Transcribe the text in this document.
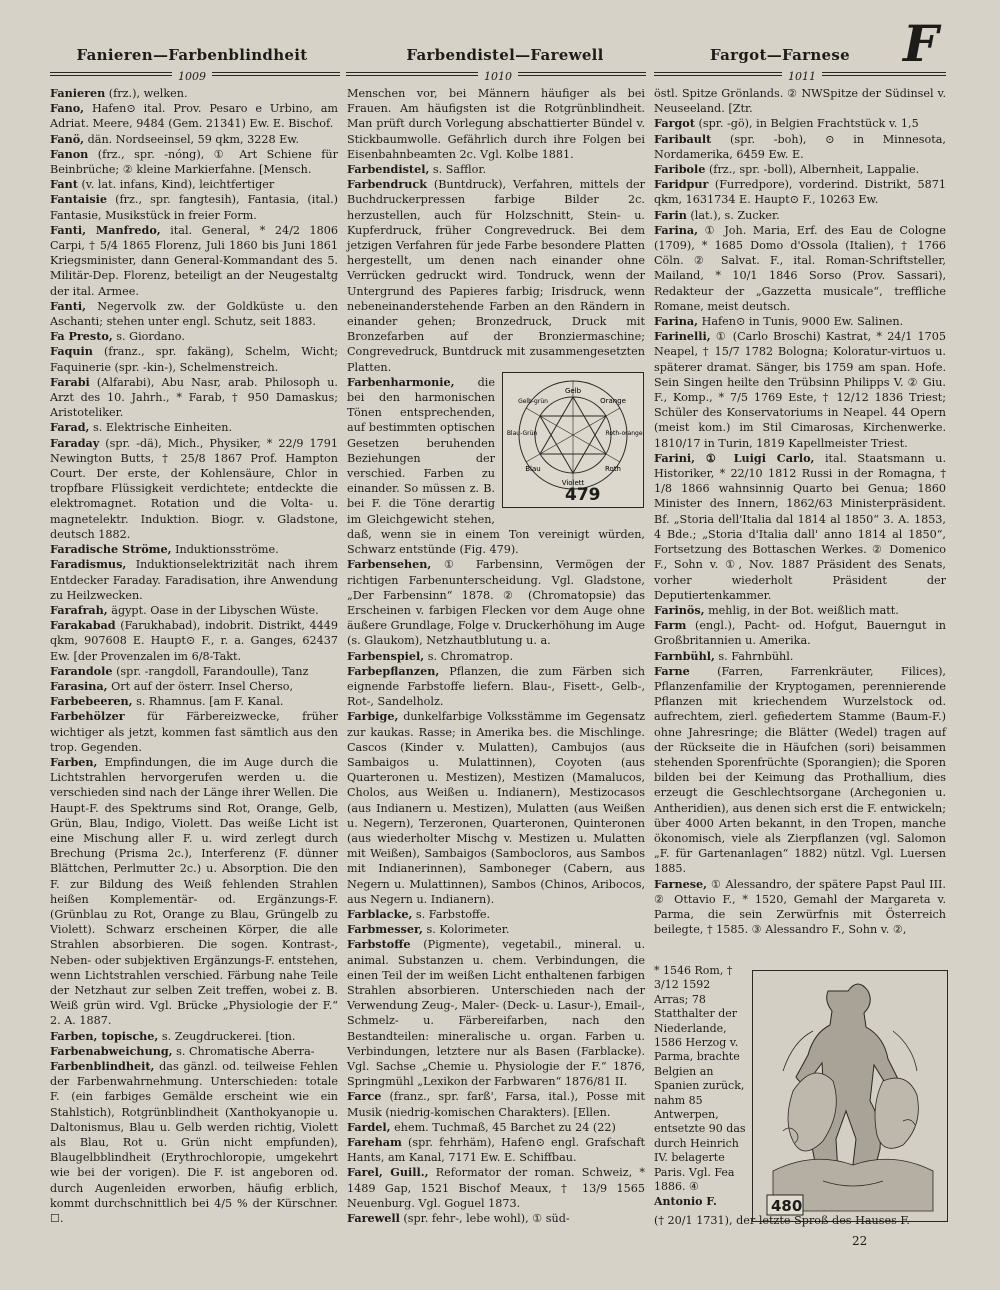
Fanieren—Farbenblindheit	Farbendistel—Farewell	Fargot—Farnese	F
1009	1010	1011

Fanieren (frz.), welken.

Fano, Hafen⊙ ital. Prov. Pesaro e Urbino, am Adriat. Meere, 9484 (Gem. 21341) Ew. E. Bischof.

Fanö, dän. Nordseeinsel, 59 qkm, 3228 Ew.

Fanon (frz., spr. -nóng), ① Art Schiene für Beinbrüche; ② kleine Markierfahne. [Mensch.

Fant (v. lat. infans, Kind), leichtfertiger

Fantaisie (frz., spr. fangtesih), Fantasia, (ital.) Fantasie, Musikstück in freier Form.

Fanti, Manfredo, ital. General, * 24/2 1806 Carpi, † 5/4 1865 Florenz, Juli 1860 bis Juni 1861 Kriegsminister, dann General-Kommandant des 5. Militär-Dep. Florenz, beteiligt an der Neugestaltg der ital. Armee.

Fanti, Negervolk zw. der Goldküste u. den Aschanti; stehen unter engl. Schutz, seit 1883.

Fa Presto, s. Giordano.

Faquin (franz., spr. fakäng), Schelm, Wicht; Faquinerie (spr. -kin-), Schelmenstreich.

Farabi (Alfarabi), Abu Nasr, arab. Philosoph u. Arzt des 10. Jahrh., * Farab, † 950 Damaskus; Aristoteliker.

Farad, s. Elektrische Einheiten.

Faraday (spr. -dä), Mich., Physiker, * 22/9 1791 Newington Butts, † 25/8 1867 Prof. Hampton Court. Der erste, der Kohlensäure, Chlor in tropfbare Flüssigkeit verdichtete; entdeckte die elektromagnet. Rotation und die Volta- u. magnetelektr. Induktion. Biogr. v. Gladstone, deutsch 1882.

Faradische Ströme, Induktionsströme.

Faradismus, Induktionselektrizität nach ihrem Entdecker Faraday. Faradisation, ihre Anwendung zu Heilzwecken.

Farafrah, ägypt. Oase in der Libyschen Wüste.

Farakabad (Farukhabad), indobrit. Distrikt, 4449 qkm, 907608 E. Haupt⊙ F., r. a. Ganges, 62437 Ew. [der Provenzalen im 6/8-Takt.

Farandole (spr. -rangdoll, Farandoulle), Tanz

Farasina, Ort auf der österr. Insel Cherso,

Farbebeeren, s. Rhamnus. [am F. Kanal.

Farbehölzer für Färbereizwecke, früher wichtiger als jetzt, kommen fast sämtlich aus den trop. Gegenden.

Farben, Empfindungen, die im Auge durch die Lichtstrahlen hervorgerufen werden u. die verschieden sind nach der Länge ihrer Wellen. Die Haupt-F. des Spektrums sind Rot, Orange, Gelb, Grün, Blau, Indigo, Violett. Das weiße Licht ist eine Mischung aller F. u. wird zerlegt durch Brechung (Prisma 2c.), Interferenz (F. dünner Blättchen, Perlmutter 2c.) u. Absorption. Die den F. zur Bildung des Weiß fehlenden Strahlen heißen Komplementär- od. Ergänzungs-F. (Grünblau zu Rot, Orange zu Blau, Grüngelb zu Violett). Schwarz erscheinen Körper, die alle Strahlen absorbieren. Die sogen. Kontrast-, Neben- oder subjektiven Ergänzungs-F. entstehen, wenn Lichtstrahlen verschied. Färbung nahe Teile der Netzhaut zur selben Zeit treffen, wobei z. B. Weiß grün wird. Vgl. Brücke „Physiologie der F.“ 2. A. 1887.

Farben, topische, s. Zeugdruckerei. [tion.

Farbenabweichung, s. Chromatische Aberra-

Farbenblindheit, das gänzl. od. teilweise Fehlen der Farbenwahrnehmung. Unterschieden: totale F. (ein farbiges Gemälde erscheint wie ein Stahlstich), Rotgrünblindheit (Xanthokyanopie u. Daltonismus, Blau u. Gelb werden richtig, Violett als Blau, Rot u. Grün nicht empfunden), Blaugelbblindheit (Erythrochloropie, umgekehrt wie bei der vorigen). Die F. ist angeboren od. durch Augenleiden erworben, häufig erblich, kommt durchschnittlich bei 4/5 % der Kürschner. ☐.

Menschen vor, bei Männern häufiger als bei Frauen. Am häufigsten ist die Rotgrünblindheit. Man prüft durch Vorlegung abschattierter Bündel v. Stickbaumwolle. Gefährlich durch ihre Folgen bei Eisenbahnbeamten 2c. Vgl. Kolbe 1881.

Farbendistel, s. Safflor.

Farbendruck (Buntdruck), Verfahren, mittels der Buchdruckerpressen farbige Bilder 2c. herzustellen, auch für Holzschnitt, Stein- u. Kupferdruck, früher Congrevedruck. Bei dem jetzigen Verfahren für jede Farbe besondere Platten hergestellt, um denen nach einander ohne Verrücken gedruckt wird. Tondruck, wenn der Untergrund des Papieres farbig; Irisdruck, wenn nebeneinanderstehende Farben an den Rändern in einander gehen; Bronzedruck, Druck mit Bronzefarben auf der Bronziermaschine; Congrevedruck, Buntdruck mit zusammengesetzten Platten.

Farbenharmonie, die bei den harmonischen Tönen entsprechenden, auf bestimmten optischen Gesetzen beruhenden Beziehungen der verschied. Farben zu einander. So müssen z. B. bei F. die Töne derartig im Gleichgewicht stehen, daß, wenn sie in einem Ton vereinigt würden, Schwarz entstünde (Fig. 479).

Farbensehen, ① Farbensinn, Vermögen der richtigen Farbenunterscheidung. Vgl. Gladstone, „Der Farbensinn“ 1878. ② (Chromatopsie) das Erscheinen v. farbigen Flecken vor dem Auge ohne äußere Grundlage, Folge v. Druckerhöhung im Auge (s. Glaukom), Netzhautblutung u. a.

Farbenspiel, s. Chromatrop.

Farbepflanzen, Pflanzen, die zum Färben sich eignende Farbstoffe liefern. Blau-, Fisett-, Gelb-, Rot-, Sandelholz.

Farbige, dunkelfarbige Volksstämme im Gegensatz zur kaukas. Rasse; in Amerika bes. die Mischlinge. Cascos (Kinder v. Mulatten), Cambujos (aus Sambaigos u. Mulattinnen), Coyoten (aus Quarteronen u. Mestizen), Mestizen (Mamalucos, Cholos, aus Weißen u. Indianern), Mestizocasos (aus Indianern u. Mestizen), Mulatten (aus Weißen u. Negern), Terzeronen, Quarteronen, Quinteronen (aus wiederholter Mischg v. Mestizen u. Mulatten mit Weißen), Sambaigos (Sambocloros, aus Sambos mit Indianerinnen), Samboneger (Cabern, aus Negern u. Mulattinnen), Sambos (Chinos, Aribocos, aus Negern u. Indianern).

Farblacke, s. Farbstoffe.

Farbmesser, s. Kolorimeter.

Farbstoffe (Pigmente), vegetabil., mineral. u. animal. Substanzen u. chem. Verbindungen, die einen Teil der im weißen Licht enthaltenen farbigen Strahlen absorbieren. Unterschieden nach der Verwendung Zeug-, Maler- (Deck- u. Lasur-), Email-, Schmelz- u. Färbereifarben, nach den Bestandteilen: mineralische u. organ. Farben u. Verbindungen, letztere nur als Basen (Farblacke). Vgl. Sachse „Chemie u. Physiologie der F.“ 1876, Springmühl „Lexikon der Farbwaren“ 1876/81 II.

Farce (franz., spr. farß', Farsa, ital.), Posse mit Musik (niedrig-komischen Charakters). [Ellen.

Fardel, ehem. Tuchmaß, 45 Barchet zu 24 (22)

Fareham (spr. fehrhäm), Hafen⊙ engl. Grafschaft Hants, am Kanal, 7171 Ew. E. Schiffbau.

Farel, Guill., Reformator der roman. Schweiz, * 1489 Gap, 1521 Bischof Meaux, † 13/9 1565 Neuenburg. Vgl. Goguel 1873.

Farewell (spr. fehr-, lebe wohl), ① süd-

Gelb
Orange
Roth-orange
Roth
Violett
Blau
Blau-Grün
Gelb-grün
479

östl. Spitze Grönlands. ② NWSpitze der Südinsel v. Neuseeland. [Ztr.

Fargot (spr. -gö), in Belgien Frachtstück v. 1,5

Faribault (spr. -boh), ⊙ in Minnesota, Nordamerika, 6459 Ew. E.

Faribole (frz., spr. -boll), Albernheit, Lappalie.

Faridpur (Furredpore), vorderind. Distrikt, 5871 qkm, 1631734 E. Haupt⊙ F., 10263 Ew.

Farin (lat.), s. Zucker.

Farina, ① Joh. Maria, Erf. des Eau de Cologne (1709), * 1685 Domo d'Ossola (Italien), † 1766 Cöln. ② Salvat. F., ital. Roman-Schriftsteller, Mailand, * 10/1 1846 Sorso (Prov. Sassari), Redakteur der „Gazzetta musicale“, treffliche Romane, meist deutsch.

Farina, Hafen⊙ in Tunis, 9000 Ew. Salinen.

Farinelli, ① (Carlo Broschi) Kastrat, * 24/1 1705 Neapel, † 15/7 1782 Bologna; Koloratur-virtuos u. späterer dramat. Sänger, bis 1759 am span. Hofe. Sein Singen heilte den Trübsinn Philipps V. ② Giu. F., Komp., * 7/5 1769 Este, † 12/12 1836 Triest; Schüler des Konservatoriums in Neapel. 44 Opern (meist kom.) im Stil Cimarosas, Kirchenwerke. 1810/17 in Turin, 1819 Kapellmeister Triest.

Farini, ① Luigi Carlo, ital. Staatsmann u. Historiker, * 22/10 1812 Russi in der Romagna, † 1/8 1866 wahnsinnig Quarto bei Genua; 1860 Minister des Innern, 1862/63 Ministerpräsident. Bf. „Storia dell'Italia dal 1814 al 1850“ 3. A. 1853, 4 Bde.; „Storia d'Italia dall' anno 1814 al 1850“, Fortsetzung des Bottaschen Werkes. ② Domenico F., Sohn v. ①, Nov. 1887 Präsident des Senats, vorher wiederholt Präsident der Deputiertenkammer.

Farinös, mehlig, in der Bot. weißlich matt.

Farm (engl.), Pacht- od. Hofgut, Bauerngut in Großbritannien u. Amerika.

Farnbühl, s. Fahrnbühl.

Farne (Farren, Farrenkräuter, Filices), Pflanzenfamilie der Kryptogamen, perennierende Pflanzen mit kriechendem Wurzelstock od. aufrechtem, zierl. gefiedertem Stamme (Baum-F.) ohne Jahresringe; die Blätter (Wedel) tragen auf der Rückseite die in Häufchen (sori) beisammen stehenden Sporenfrüchte (Sporangien); die Sporen bilden bei der Keimung das Prothallium, dies erzeugt die Geschlechtsorgane (Archegonien u. Antheridien), aus denen sich erst die F. entwickeln; über 4000 Arten bekannt, in den Tropen, manche ökonomisch, viele als Zierpflanzen (vgl. Salomon „F. für Gartenanlagen“ 1882) nützl. Vgl. Luersen 1885.

Farnese, ① Alessandro, der spätere Papst Paul III. ② Ottavio F., * 1520, Gemahl der Margareta v. Parma, die sein Zerwürfnis mit Österreich beilegte, † 1585. ③ Alessandro F., Sohn v. ②,

* 1546 Rom, † 3/12 1592 Arras; 78 Statthalter der Niederlande, 1586 Herzog v. Parma, brachte Belgien an Spanien zurück, nahm 85 Antwerpen, entsetzte 90 das durch Heinrich IV. belagerte Paris. Vgl. Fea 1886. ④
Antonio F.	480
(† 20/1 1731), der letzte Sproß des Hauses F.
22
